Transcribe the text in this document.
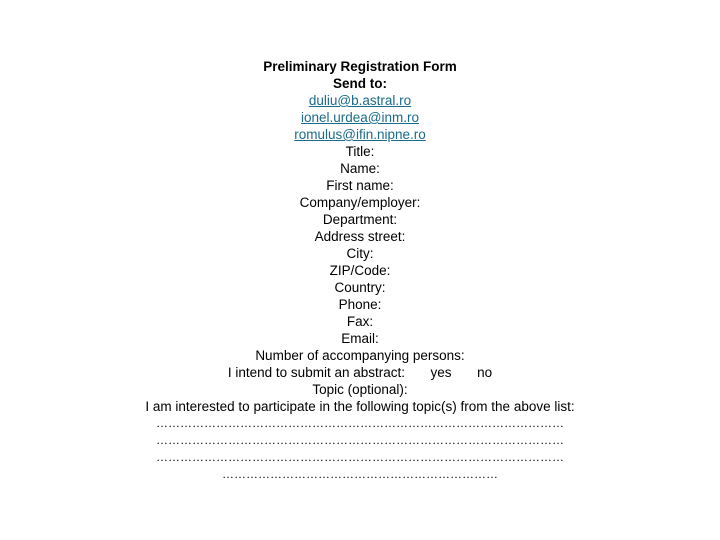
Preliminary Registration Form
Send to:
duliu@b.astral.ro
ionel.urdea@inm.ro
romulus@ifin.nipne.ro
Title:
Name:
First name:
Company/employer:
Department:
Address street:
City:
ZIP/Code:
Country:
Phone:
Fax:
Email:
Number of accompanying persons:
I intend to submit an abstract: yes no
Topic (optional):
I am interested to participate in the following topic(s) from the above list:
…………………………………………………………………………………………
…………………………………………………………………………………………
…………………………………………………………………………………………
……………………………………………………………
